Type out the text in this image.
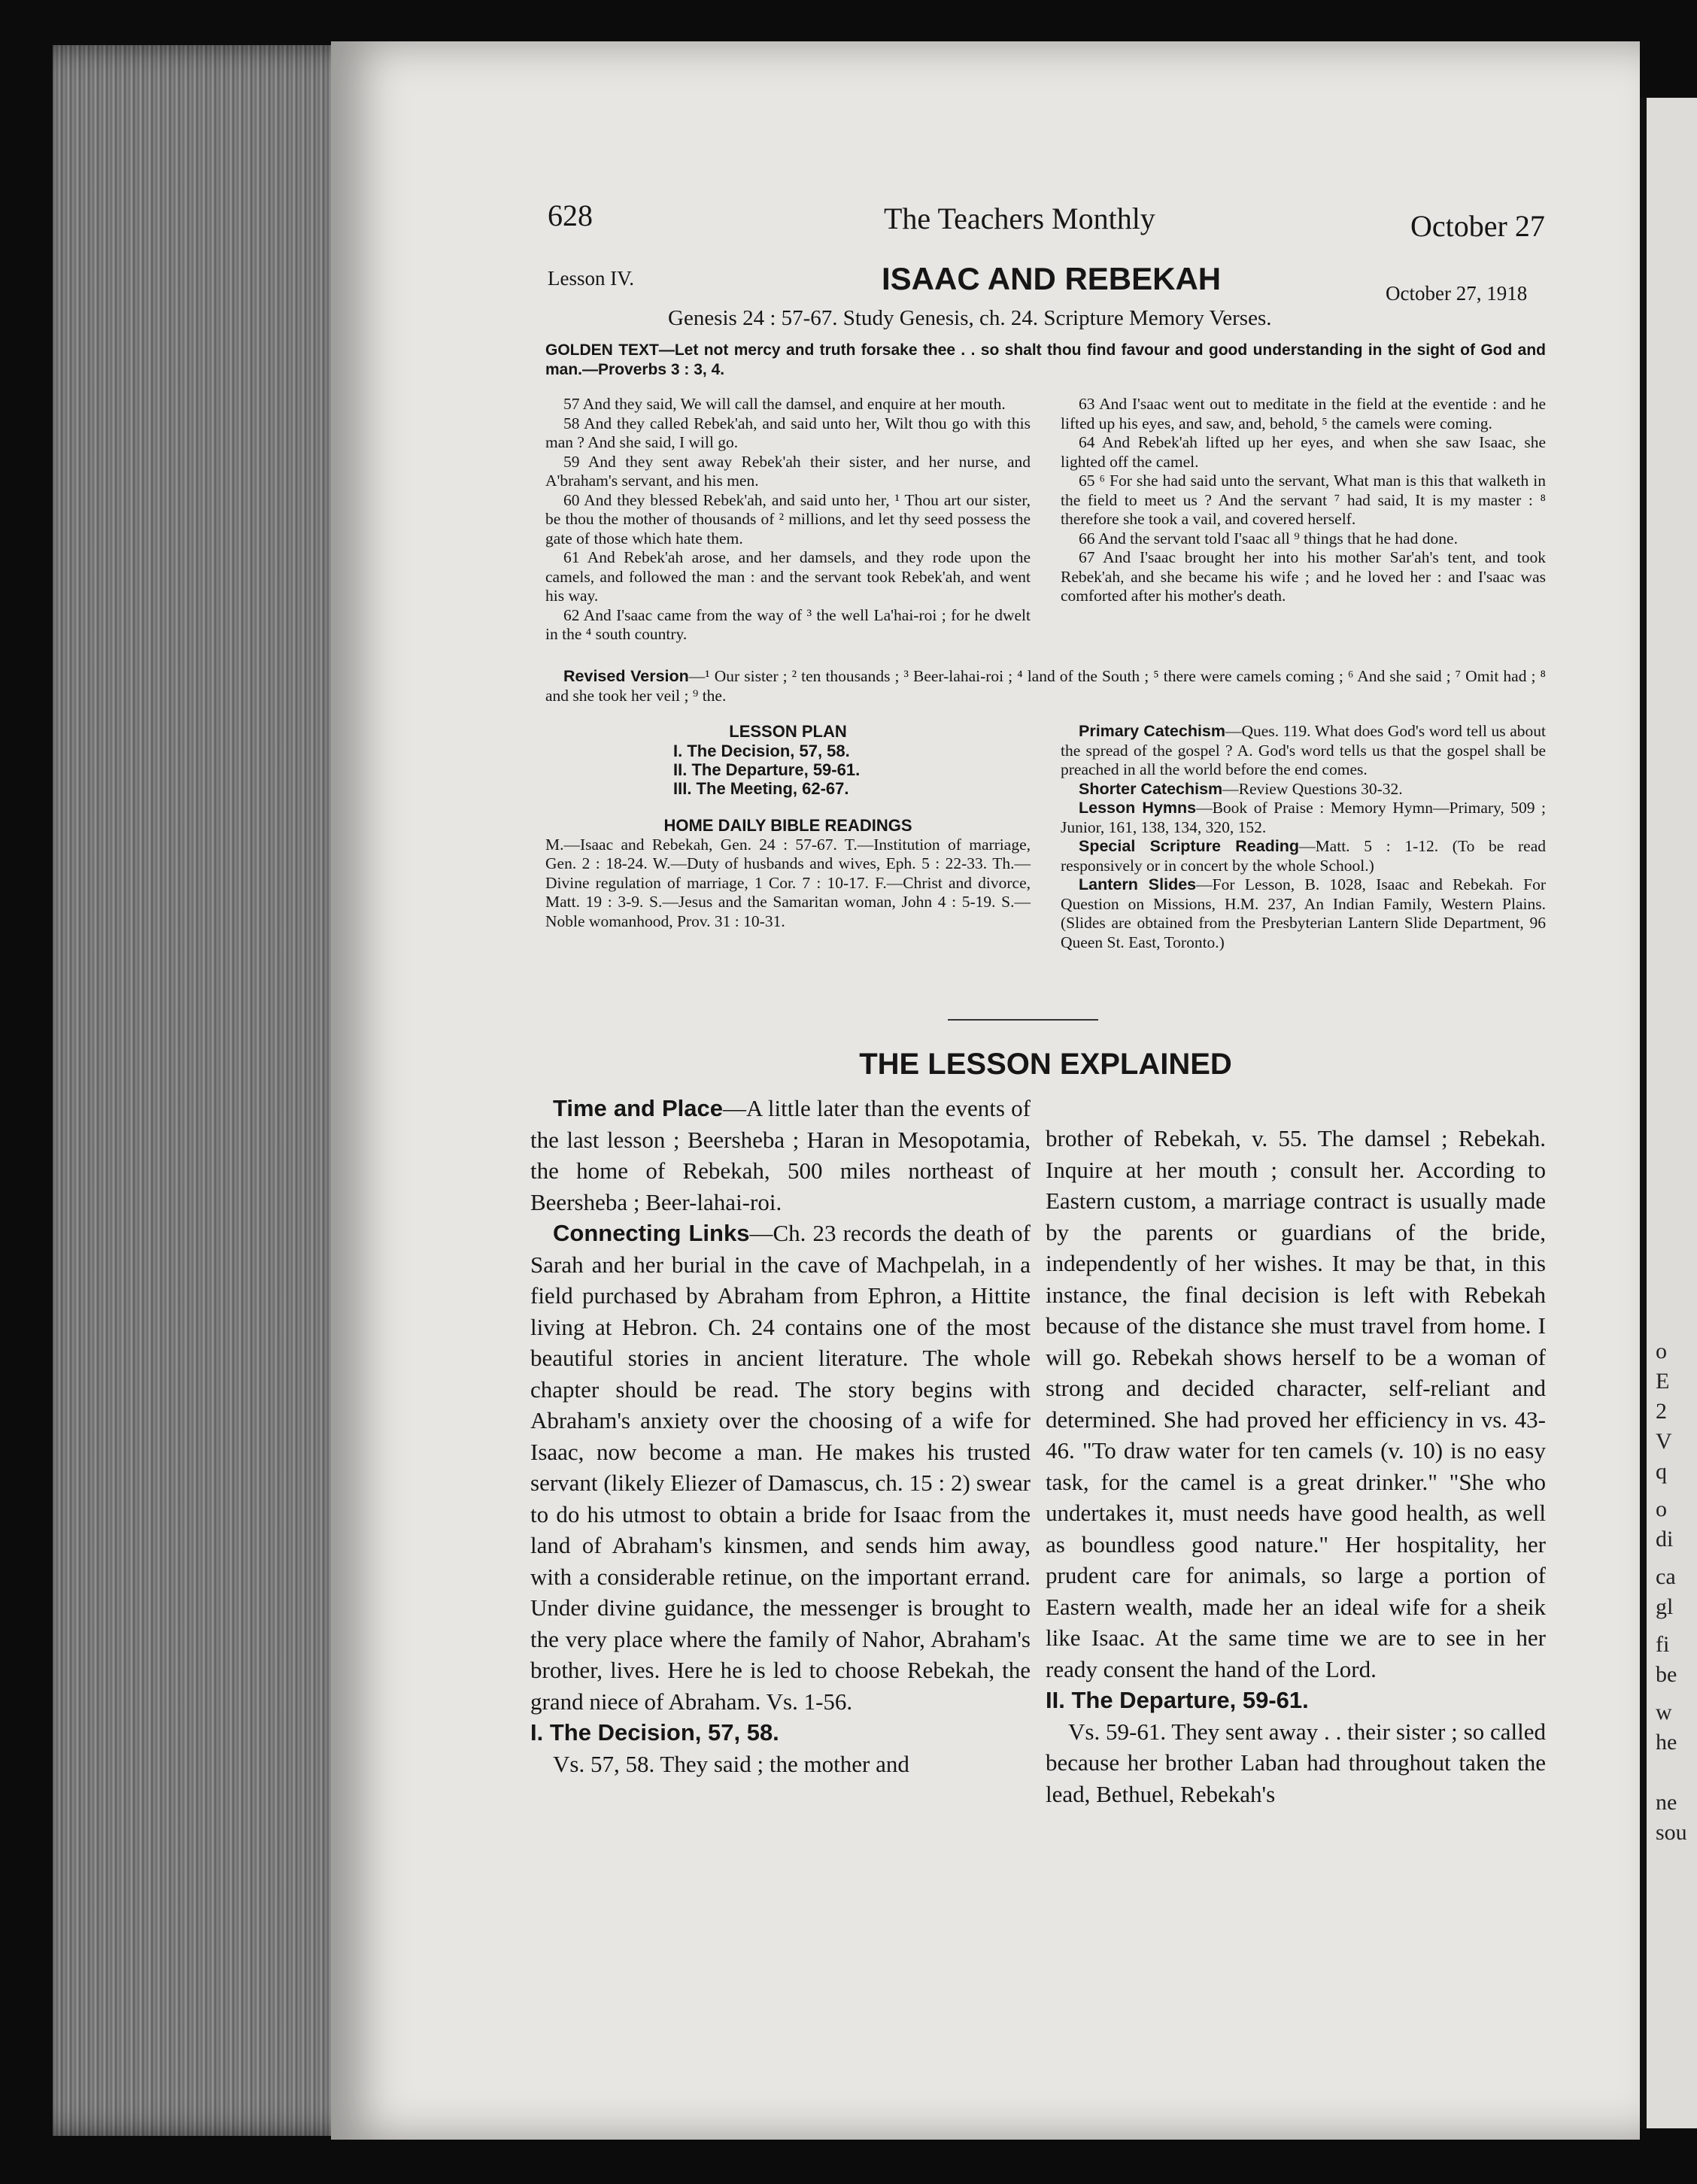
o
E
2
V
q
o
di
ca
gl
fi
be
w
he
ne
sou
628	The Teachers Monthly	October 27
Lesson IV.	ISAAC AND REBEKAH	October 27, 1918
Genesis 24 : 57-67. Study Genesis, ch. 24. Scripture Memory Verses.
GOLDEN TEXT—Let not mercy and truth forsake thee . . so shalt thou find favour and good understanding in the sight of God and man.—Proverbs 3 : 3, 4.

57 And they said, We will call the damsel, and enquire at her mouth.

58 And they called Rebek'ah, and said unto her, Wilt thou go with this man ? And she said, I will go.

59 And they sent away Rebek'ah their sister, and her nurse, and A'braham's servant, and his men.

60 And they blessed Rebek'ah, and said unto her, ¹ Thou art our sister, be thou the mother of thousands of ² millions, and let thy seed possess the gate of those which hate them.

61 And Rebek'ah arose, and her damsels, and they rode upon the camels, and followed the man : and the servant took Rebek'ah, and went his way.

62 And I'saac came from the way of ³ the well La'hai-roi ; for he dwelt in the ⁴ south country.

63 And I'saac went out to meditate in the field at the eventide : and he lifted up his eyes, and saw, and, behold, ⁵ the camels were coming.

64 And Rebek'ah lifted up her eyes, and when she saw Isaac, she lighted off the camel.

65 ⁶ For she had said unto the servant, What man is this that walketh in the field to meet us ? And the servant ⁷ had said, It is my master : ⁸ therefore she took a vail, and covered herself.

66 And the servant told I'saac all ⁹ things that he had done.

67 And I'saac brought her into his mother Sar'ah's tent, and took Rebek'ah, and she became his wife ; and he loved her : and I'saac was comforted after his mother's death.

Revised Version—¹ Our sister ; ² ten thousands ; ³ Beer-lahai-roi ; ⁴ land of the South ; ⁵ there were camels coming ; ⁶ And she said ; ⁷ Omit had ; ⁸ and she took her veil ; ⁹ the.

LESSON PLAN
I. The Decision, 57, 58.
II. The Departure, 59-61.
III. The Meeting, 62-67.
HOME DAILY BIBLE READINGS
M.—Isaac and Rebekah, Gen. 24 : 57-67. T.—Institution of marriage, Gen. 2 : 18-24. W.—Duty of husbands and wives, Eph. 5 : 22-33. Th.—Divine regulation of marriage, 1 Cor. 7 : 10-17. F.—Christ and divorce, Matt. 19 : 3-9. S.—Jesus and the Samaritan woman, John 4 : 5-19. S.—Noble womanhood, Prov. 31 : 10-31.

Primary Catechism—Ques. 119. What does God's word tell us about the spread of the gospel ? A. God's word tells us that the gospel shall be preached in all the world before the end comes.

Shorter Catechism—Review Questions 30-32.

Lesson Hymns—Book of Praise : Memory Hymn—Primary, 509 ; Junior, 161, 138, 134, 320, 152.

Special Scripture Reading—Matt. 5 : 1-12. (To be read responsively or in concert by the whole School.)

Lantern Slides—For Lesson, B. 1028, Isaac and Rebekah. For Question on Missions, H.M. 237, An Indian Family, Western Plains. (Slides are obtained from the Presbyterian Lantern Slide Department, 96 Queen St. East, Toronto.)

THE LESSON EXPLAINED

Time and Place—A little later than the events of the last lesson ; Beersheba ; Haran in Mesopotamia, the home of Rebekah, 500 miles northeast of Beersheba ; Beer-lahai-roi.

Connecting Links—Ch. 23 records the death of Sarah and her burial in the cave of Machpelah, in a field purchased by Abraham from Ephron, a Hittite living at Hebron. Ch. 24 contains one of the most beautiful stories in ancient literature. The whole chapter should be read. The story begins with Abraham's anxiety over the choosing of a wife for Isaac, now become a man. He makes his trusted servant (likely Eliezer of Damascus, ch. 15 : 2) swear to do his utmost to obtain a bride for Isaac from the land of Abraham's kinsmen, and sends him away, with a considerable retinue, on the important errand. Under divine guidance, the messenger is brought to the very place where the family of Nahor, Abraham's brother, lives. Here he is led to choose Rebekah, the grand niece of Abraham. Vs. 1-56.

I. The Decision, 57, 58.

Vs. 57, 58. They said ; the mother and

brother of Rebekah, v. 55. The damsel ; Rebekah. Inquire at her mouth ; consult her. According to Eastern custom, a marriage contract is usually made by the parents or guardians of the bride, independently of her wishes. It may be that, in this instance, the final decision is left with Rebekah because of the distance she must travel from home. I will go. Rebekah shows herself to be a woman of strong and decided character, self-reliant and determined. She had proved her efficiency in vs. 43-46. "To draw water for ten camels (v. 10) is no easy task, for the camel is a great drinker." "She who undertakes it, must needs have good health, as well as boundless good nature." Her hospitality, her prudent care for animals, so large a portion of Eastern wealth, made her an ideal wife for a sheik like Isaac. At the same time we are to see in her ready consent the hand of the Lord.
II. The Departure, 59-61.

Vs. 59-61. They sent away . . their sister ; so called because her brother Laban had throughout taken the lead, Bethuel, Rebekah's
